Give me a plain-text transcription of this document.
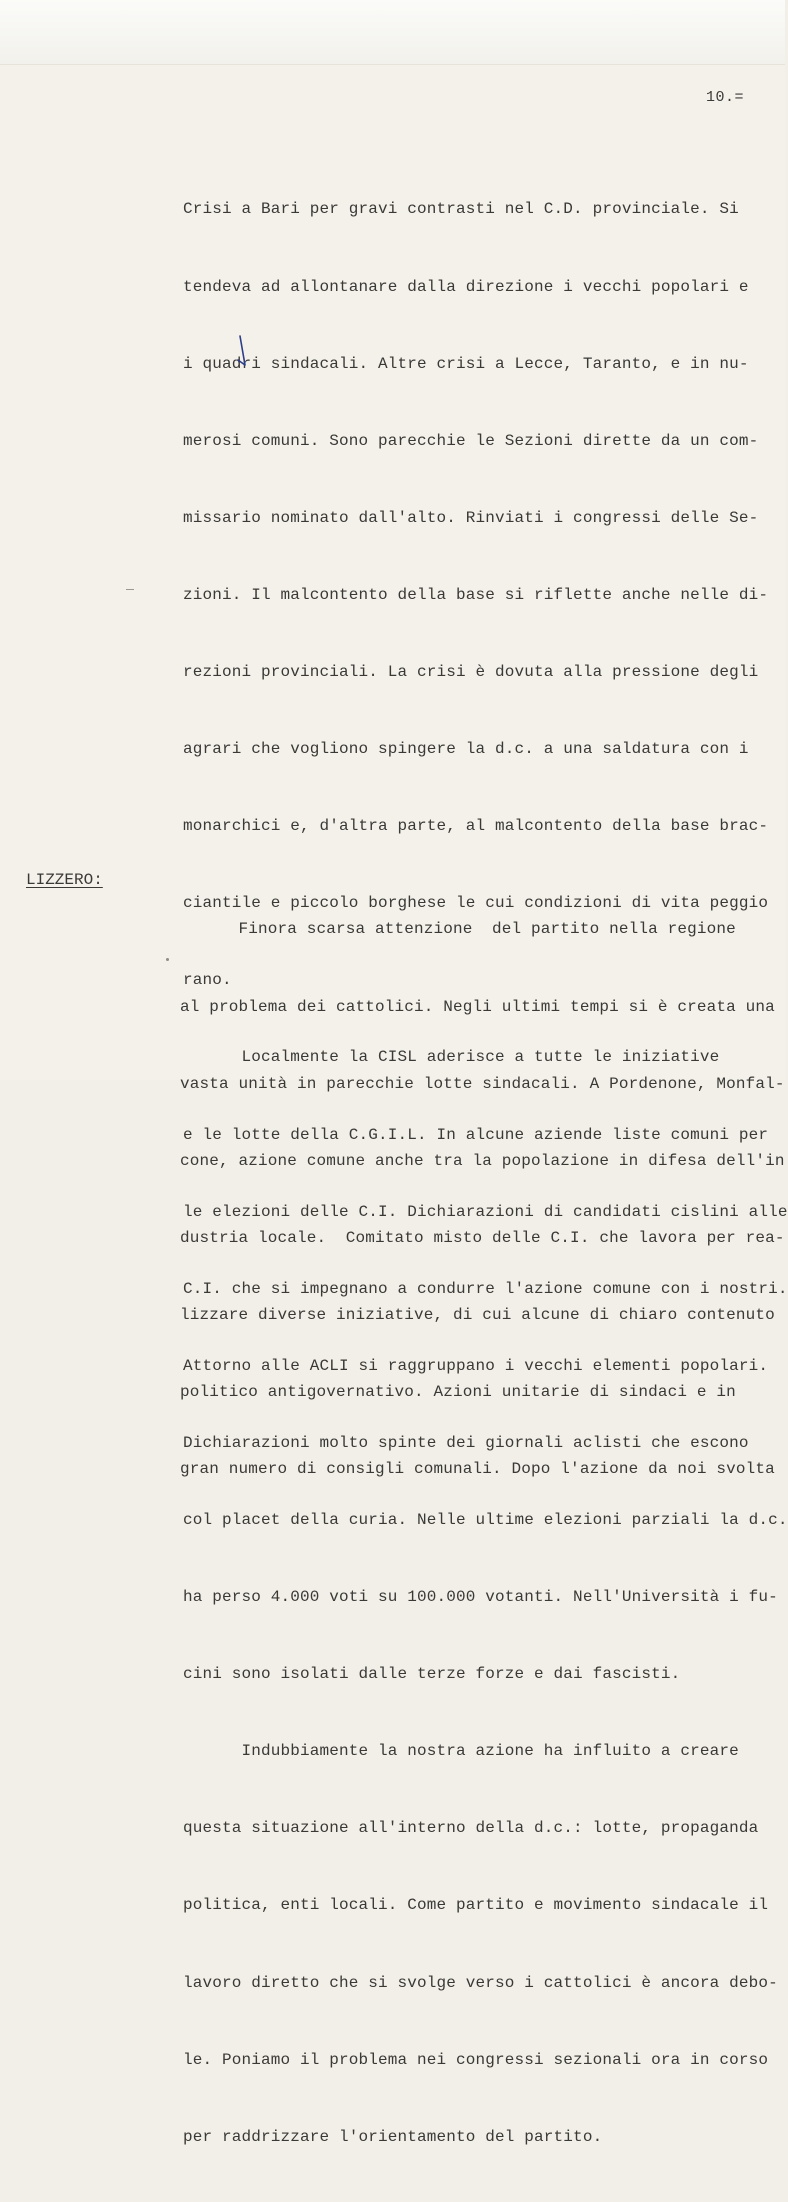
10.=

Crisi a Bari per gravi contrasti nel C.D. provinciale. Si

tendeva ad allontanare dalla direzione i vecchi popolari e

i quadri sindacali. Altre crisi a Lecce, Taranto, e in nu-

merosi comuni. Sono parecchie le Sezioni dirette da un com-

missario nominato dall'alto. Rinviati i congressi delle Se-

zioni. Il malcontento della base si riflette anche nelle di-

rezioni provinciali. La crisi è dovuta alla pressione degli

agrari che vogliono spingere la d.c. a una saldatura con i

monarchici e, d'altra parte, al malcontento della base brac-

ciantile e piccolo borghese le cui condizioni di vita peggio

rano.

Localmente la CISL aderisce a tutte le iniziative

e le lotte della C.G.I.L. In alcune aziende liste comuni per

le elezioni delle C.I. Dichiarazioni di candidati cislini alle

C.I. che si impegnano a condurre l'azione comune con i nostri.

Attorno alle ACLI si raggruppano i vecchi elementi popolari.

Dichiarazioni molto spinte dei giornali aclisti che escono

col placet della curia. Nelle ultime elezioni parziali la d.c.

ha perso 4.000 voti su 100.000 votanti. Nell'Università i fu-

cini sono isolati dalle terze forze e dai fascisti.

Indubbiamente la nostra azione ha influito a creare

questa situazione all'interno della d.c.: lotte, propaganda

politica, enti locali. Come partito e movimento sindacale il

lavoro diretto che si svolge verso i cattolici è ancora debo-

le. Poniamo il problema nei congressi sezionali ora in corso

per raddrizzare l'orientamento del partito.

LIZZERO:

Finora scarsa attenzione  del partito nella regione

al problema dei cattolici. Negli ultimi tempi si è creata una

vasta unità in parecchie lotte sindacali. A Pordenone, Monfal-

cone, azione comune anche tra la popolazione in difesa dell'in

dustria locale.  Comitato misto delle C.I. che lavora per rea-

lizzare diverse iniziative, di cui alcune di chiaro contenuto

politico antigovernativo. Azioni unitarie di sindaci e in

gran numero di consigli comunali. Dopo l'azione da noi svolta
